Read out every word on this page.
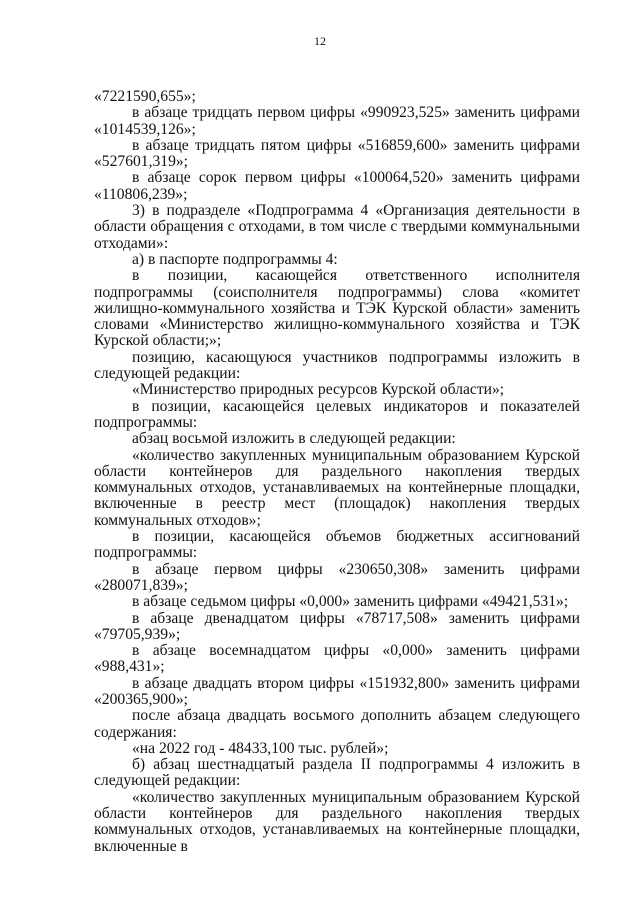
12

«7221590,655»;

в абзаце тридцать первом цифры «990923,525» заменить цифрами «1014539,126»;

в абзаце тридцать пятом цифры «516859,600» заменить цифрами «527601,319»;

в абзаце сорок первом цифры «100064,520» заменить цифрами «110806,239»;

3) в подразделе «Подпрограмма 4 «Организация деятельности в области обращения с отходами, в том числе с твердыми коммунальными отходами»:

а) в паспорте подпрограммы 4:

в позиции, касающейся ответственного исполнителя подпрограммы (соисполнителя подпрограммы) слова «комитет жилищно-коммунального хозяйства и ТЭК Курской области» заменить словами «Министерство жилищно-коммунального хозяйства и ТЭК Курской области;»;

позицию, касающуюся участников подпрограммы изложить в следующей редакции:

«Министерство природных ресурсов Курской области»;

в позиции, касающейся целевых индикаторов и показателей подпрограммы:

абзац восьмой изложить в следующей редакции:

«количество закупленных муниципальным образованием Курской области контейнеров для раздельного накопления твердых коммунальных отходов, устанавливаемых на контейнерные площадки, включенные в реестр мест (площадок) накопления твердых коммунальных отходов»;

в позиции, касающейся объемов бюджетных ассигнований подпрограммы:

в абзаце первом цифры «230650,308» заменить цифрами «280071,839»;

в абзаце седьмом цифры «0,000» заменить цифрами «49421,531»;

в абзаце двенадцатом цифры «78717,508» заменить цифрами «79705,939»;

в абзаце восемнадцатом цифры «0,000» заменить цифрами «988,431»;

в абзаце двадцать втором цифры «151932,800» заменить цифрами «200365,900»;

после абзаца двадцать восьмого дополнить абзацем следующего содержания:

«на 2022 год - 48433,100 тыс. рублей»;

б) абзац шестнадцатый раздела II подпрограммы 4 изложить в следующей редакции:

«количество закупленных муниципальным образованием Курской области контейнеров для раздельного накопления твердых коммунальных отходов, устанавливаемых на контейнерные площадки, включенные в
